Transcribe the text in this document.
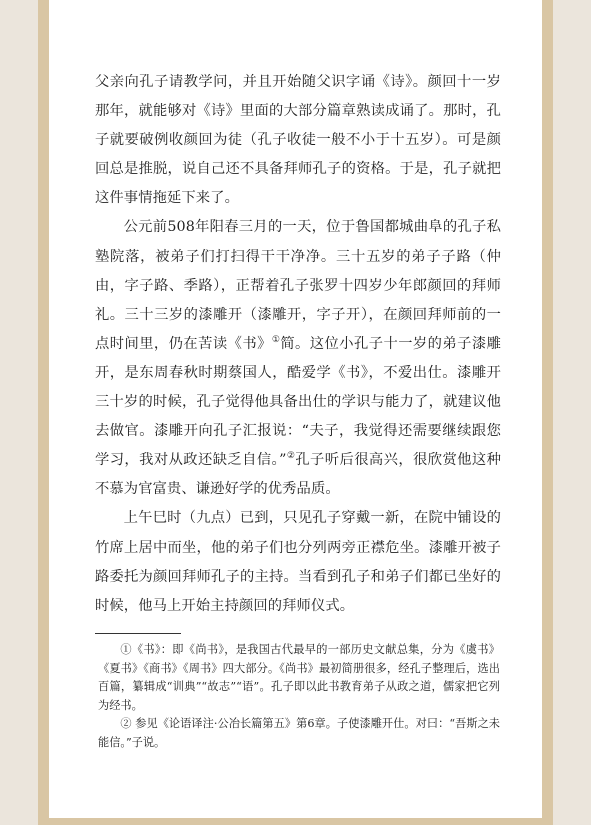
父亲向孔子请教学问，并且开始随父识字诵《诗》。颜回十一岁那年，就能够对《诗》里面的大部分篇章熟读成诵了。那时，孔子就要破例收颜回为徒（孔子收徒一般不小于十五岁）。可是颜回总是推脱，说自己还不具备拜师孔子的资格。于是，孔子就把这件事情拖延下来了。

公元前508年阳春三月的一天，位于鲁国都城曲阜的孔子私塾院落，被弟子们打扫得干干净净。三十五岁的弟子子路（仲由，字子路、季路），正帮着孔子张罗十四岁少年郎颜回的拜师礼。三十三岁的漆雕开（漆雕开，字子开），在颜回拜师前的一点时间里，仍在苦读《书》①简。这位小孔子十一岁的弟子漆雕开，是东周春秋时期蔡国人，酷爱学《书》，不爱出仕。漆雕开三十岁的时候，孔子觉得他具备出仕的学识与能力了，就建议他去做官。漆雕开向孔子汇报说：“夫子，我觉得还需要继续跟您学习，我对从政还缺乏自信。”②孔子听后很高兴，很欣赏他这种不慕为官富贵、谦逊好学的优秀品质。

上午巳时（九点）已到，只见孔子穿戴一新，在院中铺设的竹席上居中而坐，他的弟子们也分列两旁正襟危坐。漆雕开被子路委托为颜回拜师孔子的主持。当看到孔子和弟子们都已坐好的时候，他马上开始主持颜回的拜师仪式。

①《书》：即《尚书》，是我国古代最早的一部历史文献总集，分为《虞书》《夏书》《商书》《周书》四大部分。《尚书》最初简册很多，经孔子整理后，选出百篇，纂辑成“训典”“故志”“语”。孔子即以此书教育弟子从政之道，儒家把它列为经书。

② 参见《论语译注·公冶长篇第五》第6章。子使漆雕开仕。对曰：“吾斯之未能信。”子说。
